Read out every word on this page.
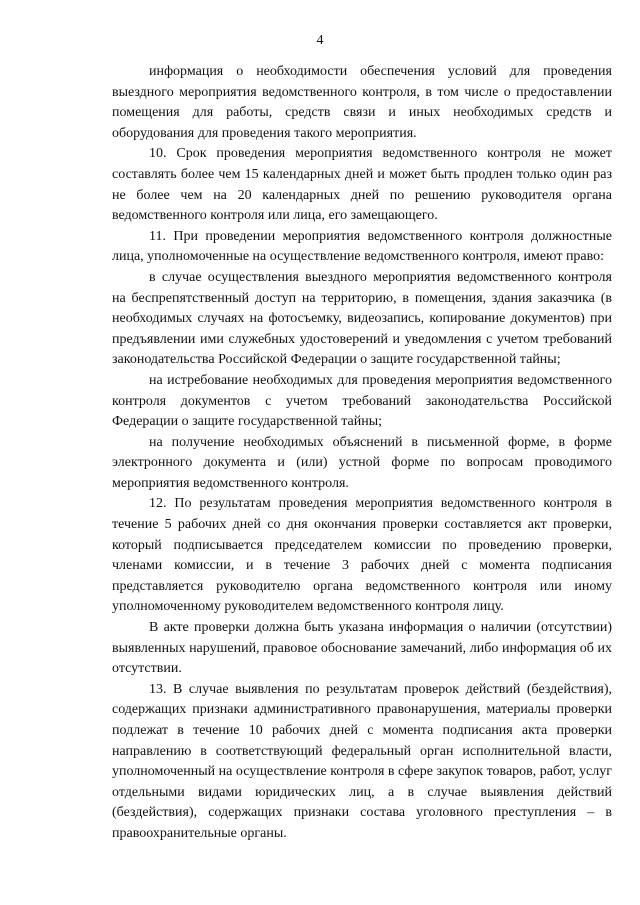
4

информация о необходимости обеспечения условий для проведения выездного мероприятия ведомственного контроля, в том числе о предоставлении помещения для работы, средств связи и иных необходимых средств и оборудования для проведения такого мероприятия.

10. Срок проведения мероприятия ведомственного контроля не может составлять более чем 15 календарных дней и может быть продлен только один раз не более чем на 20 календарных дней по решению руководителя органа ведомственного контроля или лица, его замещающего.

11. При проведении мероприятия ведомственного контроля должностные лица, уполномоченные на осуществление ведомственного контроля, имеют право:

в случае осуществления выездного мероприятия ведомственного контроля на беспрепятственный доступ на территорию, в помещения, здания заказчика (в необходимых случаях на фотосъемку, видеозапись, копирование документов) при предъявлении ими служебных удостоверений и уведомления с учетом требований законодательства Российской Федерации о защите государственной тайны;

на истребование необходимых для проведения мероприятия ведомственного контроля документов с учетом требований законодательства Российской Федерации о защите государственной тайны;

на получение необходимых объяснений в письменной форме, в форме электронного документа и (или) устной форме по вопросам проводимого мероприятия ведомственного контроля.

12. По результатам проведения мероприятия ведомственного контроля в течение 5 рабочих дней со дня окончания проверки составляется акт проверки, который подписывается председателем комиссии по проведению проверки, членами комиссии, и в течение 3 рабочих дней с момента подписания представляется руководителю органа ведомственного контроля или иному уполномоченному руководителем ведомственного контроля лицу.

В акте проверки должна быть указана информация о наличии (отсутствии) выявленных нарушений, правовое обоснование замечаний, либо информация об их отсутствии.

13. В случае выявления по результатам проверок действий (бездействия), содержащих признаки административного правонарушения, материалы проверки подлежат в течение 10 рабочих дней с момента подписания акта проверки направлению в соответствующий федеральный орган исполнительной власти, уполномоченный на осуществление контроля в сфере закупок товаров, работ, услуг отдельными видами юридических лиц, а в случае выявления действий (бездействия), содержащих признаки состава уголовного преступления – в правоохранительные органы.
